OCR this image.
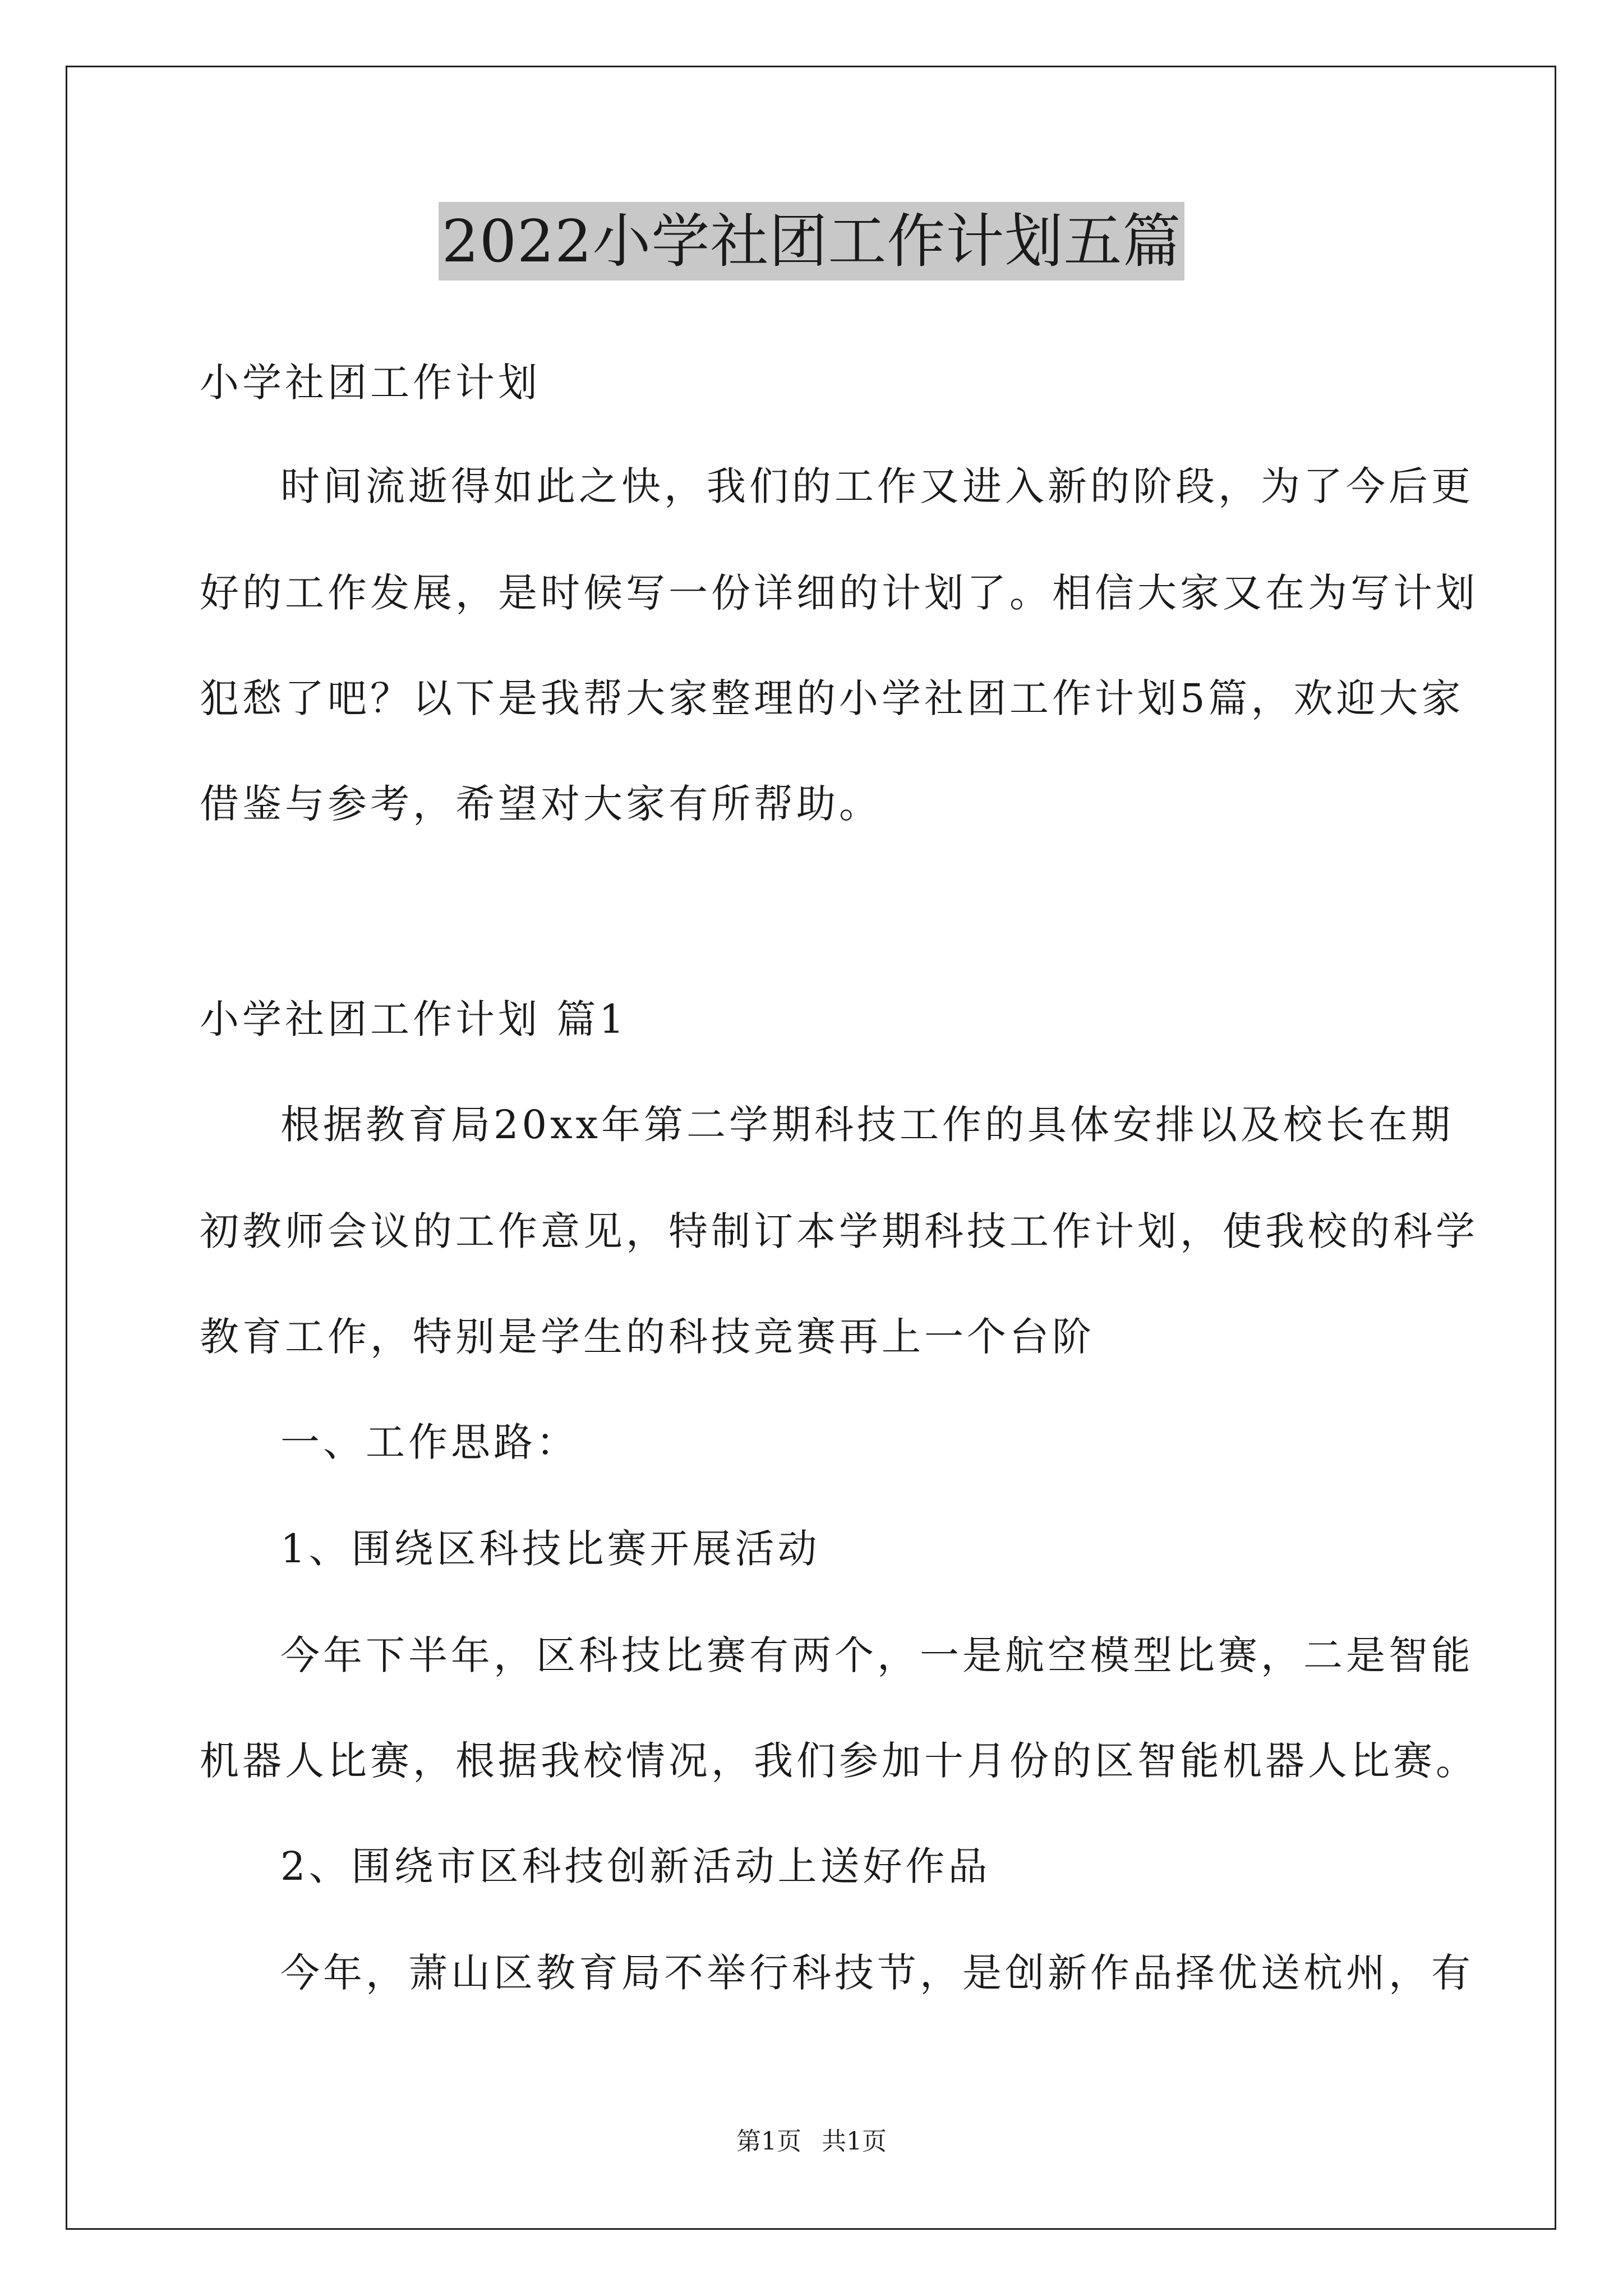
2022小学社团工作计划五篇
小学社团工作计划
时间流逝得如此之快，我们的工作又进入新的阶段，为了今后更
好的工作发展，是时候写一份详细的计划了。相信大家又在为写计划
犯愁了吧？以下是我帮大家整理的小学社团工作计划5篇，欢迎大家
借鉴与参考，希望对大家有所帮助。
小学社团工作计划 篇1
根据教育局20xx年第二学期科技工作的具体安排以及校长在期
初教师会议的工作意见，特制订本学期科技工作计划，使我校的科学
教育工作，特别是学生的科技竞赛再上一个台阶
一、工作思路：
1、围绕区科技比赛开展活动
今年下半年，区科技比赛有两个，一是航空模型比赛，二是智能
机器人比赛，根据我校情况，我们参加十月份的区智能机器人比赛。
2、围绕市区科技创新活动上送好作品
今年，萧山区教育局不举行科技节，是创新作品择优送杭州，有
第1页 共1页
